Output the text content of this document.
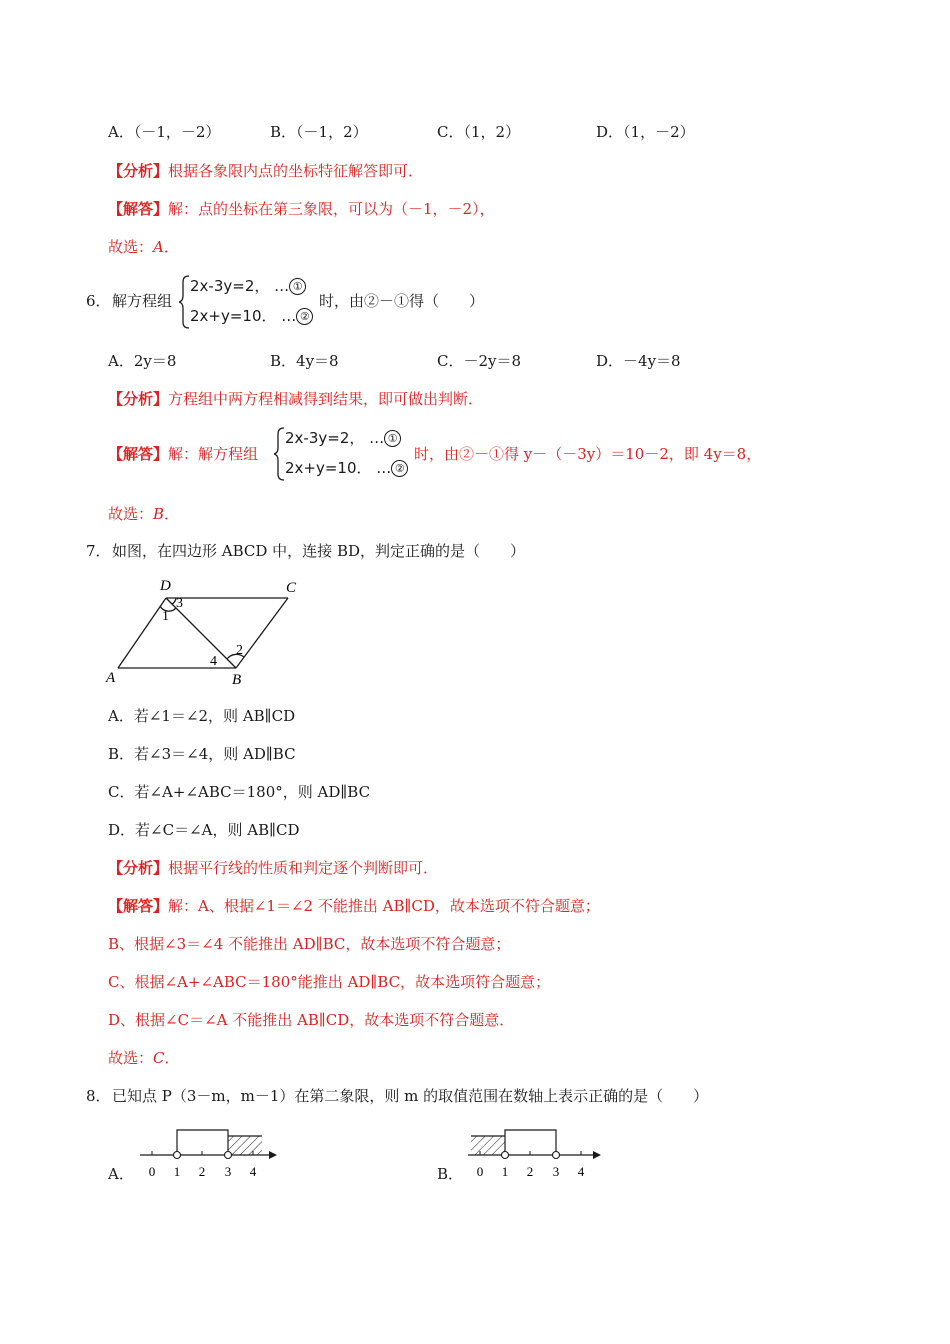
A．（－1，－2）	B．（－1，2）	C．（1，2）	D．（1，－2）
【分析】根据各象限内点的坐标特征解答即可．
【解答】解：点的坐标在第三象限，可以为（－1，－2），
故选：A．
6． 解方程组
2x-3y=2， … ①
2x+y=10． … ②
时，由②－①得（　　）
A．2y＝8	B．4y＝8	C．－2y＝8	D．－4y＝8
【分析】方程组中两方程相减得到结果，即可做出判断．
【解答】解：解方程组
2x-3y=2， … ①
2x+y=10． … ②
时，由②－①得 y－（－3y）＝10－2，即 4y＝8，
故选：B．
7． 如图，在四边形 ABCD 中，连接 BD，判定正确的是（　　）
D	C
A	B
1
3
2
4
A．若∠1＝∠2，则 AB∥CD
B．若∠3＝∠4，则 AD∥BC
C．若∠A+∠ABC＝180°，则 AD∥BC
D．若∠C＝∠A，则 AB∥CD
【分析】根据平行线的性质和判定逐个判断即可．
【解答】解：A、根据∠1＝∠2 不能推出 AB∥CD，故本选项不符合题意；
B、根据∠3＝∠4 不能推出 AD∥BC，故本选项不符合题意；
C、根据∠A+∠ABC＝180°能推出 AD∥BC，故本选项符合题意；
D、根据∠C＝∠A 不能推出 AB∥CD，故本选项不符合题意．
故选：C．
8． 已知点 P（3－m，m－1）在第二象限，则 m 的取值范围在数轴上表示正确的是（　　）
A． 0 1 2 3 4	B． 0 1 2 3 4
